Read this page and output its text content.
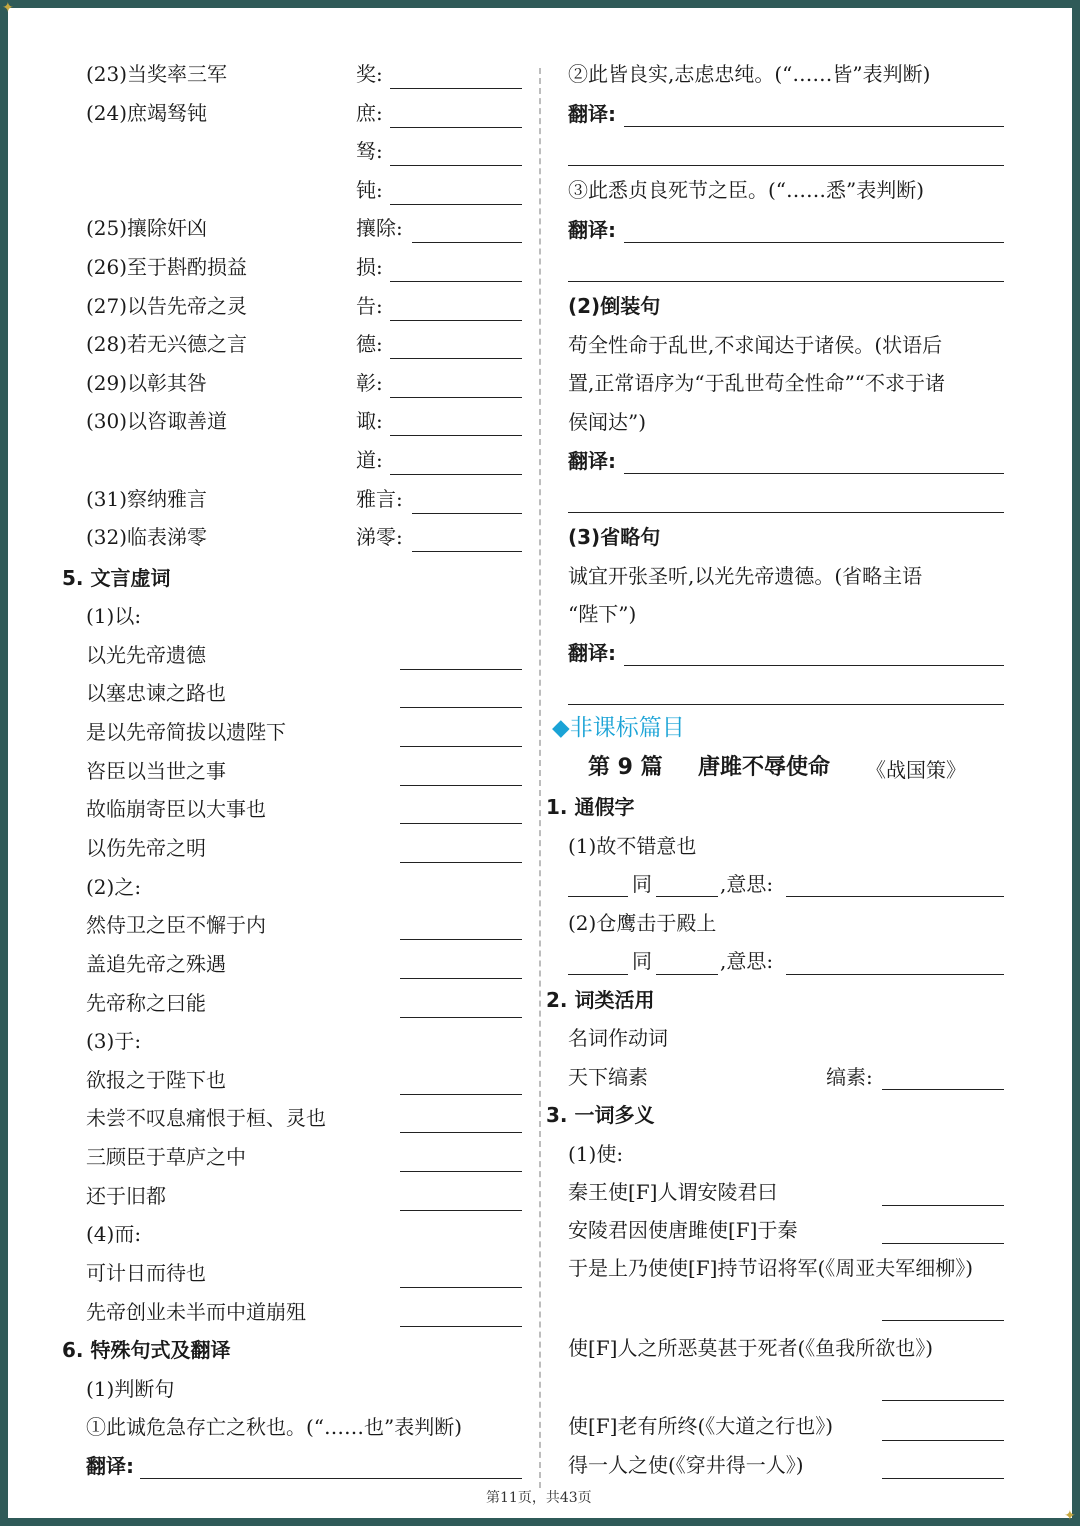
(23)当奖率三军	奖:
(24)庶竭驽钝	庶:
驽:
钝:
(25)攘除奸凶	攘除:
(26)至于斟酌损益	损:
(27)以告先帝之灵	告:
(28)若无兴德之言	德:
(29)以彰其咎	彰:
(30)以咨诹善道	诹:
道:
(31)察纳雅言	雅言:
(32)临表涕零	涕零:
5. 文言虚词
(1)以:
以光先帝遗德
以塞忠谏之路也
是以先帝简拔以遗陛下
咨臣以当世之事
故临崩寄臣以大事也
以伤先帝之明
(2)之:
然侍卫之臣不懈于内
盖追先帝之殊遇
先帝称之曰能
(3)于:
欲报之于陛下也
未尝不叹息痛恨于桓、灵也
三顾臣于草庐之中
还于旧都
(4)而:
可计日而待也
先帝创业未半而中道崩殂
6. 特殊句式及翻译
(1)判断句
①此诚危急存亡之秋也。(“……也”表判断)
翻译:
②此皆良实,志虑忠纯。(“……皆”表判断)
翻译:
③此悉贞良死节之臣。(“……悉”表判断)
翻译:
(2)倒装句
苟全性命于乱世,不求闻达于诸侯。(状语后
置,正常语序为“于乱世苟全性命”“不求于诸
侯闻达”)
翻译:
(3)省略句
诚宜开张圣听,以光先帝遗德。(省略主语
“陛下”)
翻译:
◆非课标篇目
第 9 篇 唐雎不辱使命 《战国策》
1. 通假字
(1)故不错意也
同	,意思:
(2)仓鹰击于殿上
同	,意思:
2. 词类活用
名词作动词
天下缟素	缟素:
3. 一词多义
(1)使:
秦王使[F]人谓安陵君曰
安陵君因使唐雎使[F]于秦
于是上乃使使[F]持节诏将军(《周亚夫军细柳》)
使[F]人之所恶莫甚于死者(《鱼我所欲也》)
使[F]老有所终(《大道之行也》)
得一人之使(《穿井得一人》)
第11页，共43页
✦
✦
